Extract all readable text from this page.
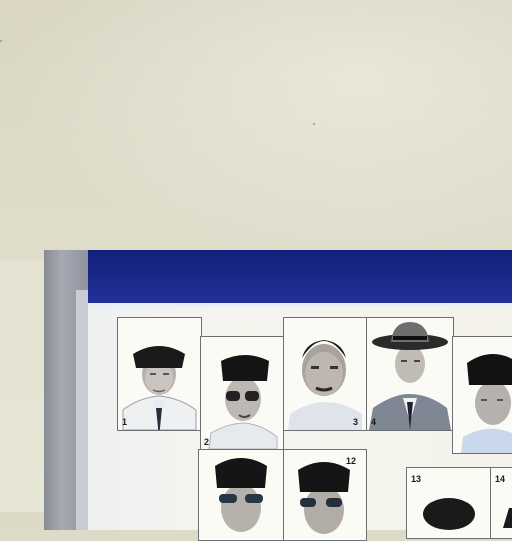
1
2
3 4
12
13	14
